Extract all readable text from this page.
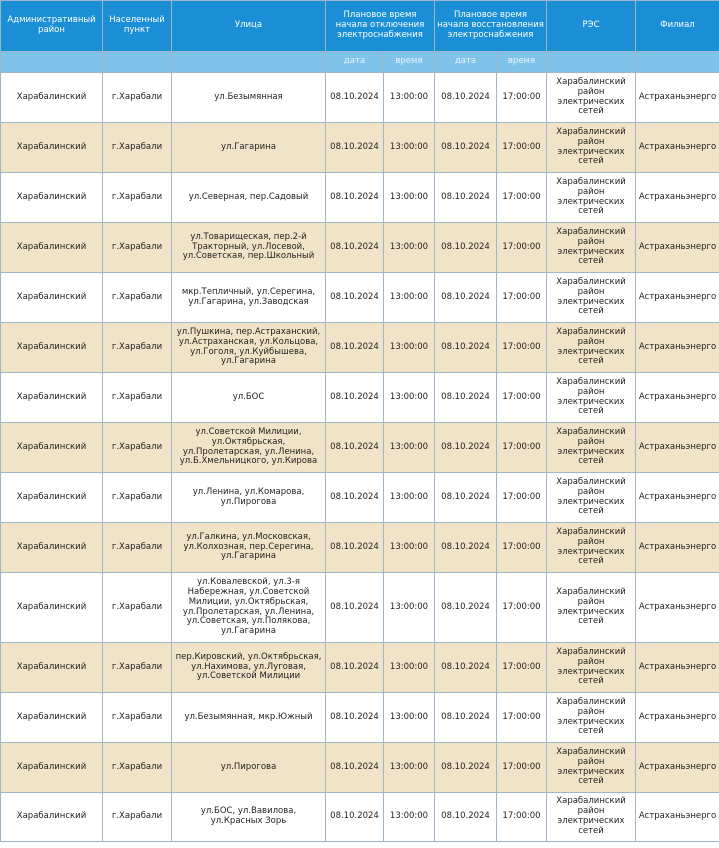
Административный район	Населенный пункт	Улица	Плановое время начала отключения электроснабжения		Плановое время начала восстановления электроснабжения		РЭС	Филиал
			дата	время	дата	время		
Харабалинский	г.Харабали	ул.Безымянная	08.10.2024	13:00:00	08.10.2024	17:00:00	Харабалинский район электрических сетей	Астраханьэнерго
Харабалинский	г.Харабали	ул.Гагарина	08.10.2024	13:00:00	08.10.2024	17:00:00	Харабалинский район электрических сетей	Астраханьэнерго
Харабалинский	г.Харабали	ул.Северная, пер.Садовый	08.10.2024	13:00:00	08.10.2024	17:00:00	Харабалинский район электрических сетей	Астраханьэнерго
Харабалинский	г.Харабали	ул.Товарищеская, пер.2-й Тракторный, ул.Лосевой, ул.Советская, пер.Школьный	08.10.2024	13:00:00	08.10.2024	17:00:00	Харабалинский район электрических сетей	Астраханьэнерго
Харабалинский	г.Харабали	мкр.Тепличный, ул.Серегина, ул.Гагарина, ул.Заводская	08.10.2024	13:00:00	08.10.2024	17:00:00	Харабалинский район электрических сетей	Астраханьэнерго
Харабалинский	г.Харабали	ул.Пушкина, пер.Астраханский, ул.Астраханская, ул.Кольцова, ул.Гоголя, ул.Куйбышева, ул.Гагарина	08.10.2024	13:00:00	08.10.2024	17:00:00	Харабалинский район электрических сетей	Астраханьэнерго
Харабалинский	г.Харабали	ул.БОС	08.10.2024	13:00:00	08.10.2024	17:00:00	Харабалинский район электрических сетей	Астраханьэнерго
Харабалинский	г.Харабали	ул.Советской Милиции, ул.Октябрьская, ул.Пролетарская, ул.Ленина, ул.Б.Хмельницкого, ул.Кирова	08.10.2024	13:00:00	08.10.2024	17:00:00	Харабалинский район электрических сетей	Астраханьэнерго
Харабалинский	г.Харабали	ул.Ленина, ул.Комарова, ул.Пирогова	08.10.2024	13:00:00	08.10.2024	17:00:00	Харабалинский район электрических сетей	Астраханьэнерго
Харабалинский	г.Харабали	ул.Галкина, ул.Московская, ул.Колхозная, пер.Серегина, ул.Гагарина	08.10.2024	13:00:00	08.10.2024	17:00:00	Харабалинский район электрических сетей	Астраханьэнерго
Харабалинский	г.Харабали	ул.Ковалевской, ул.3-я Набережная, ул.Советской Милиции, ул.Октябрьская, ул.Пролетарская, ул.Ленина, ул.Советская, ул.Полякова, ул.Гагарина	08.10.2024	13:00:00	08.10.2024	17:00:00	Харабалинский район электрических сетей	Астраханьэнерго
Харабалинский	г.Харабали	пер.Кировский, ул.Октябрьская, ул.Нахимова, ул.Луговая, ул.Советской Милиции	08.10.2024	13:00:00	08.10.2024	17:00:00	Харабалинский район электрических сетей	Астраханьэнерго
Харабалинский	г.Харабали	ул.Безымянная, мкр.Южный	08.10.2024	13:00:00	08.10.2024	17:00:00	Харабалинский район электрических сетей	Астраханьэнерго
Харабалинский	г.Харабали	ул.Пирогова	08.10.2024	13:00:00	08.10.2024	17:00:00	Харабалинский район электрических сетей	Астраханьэнерго
Харабалинский	г.Харабали	ул.БОС, ул.Вавилова, ул.Красных Зорь	08.10.2024	13:00:00	08.10.2024	17:00:00	Харабалинский район электрических сетей	Астраханьэнерго
